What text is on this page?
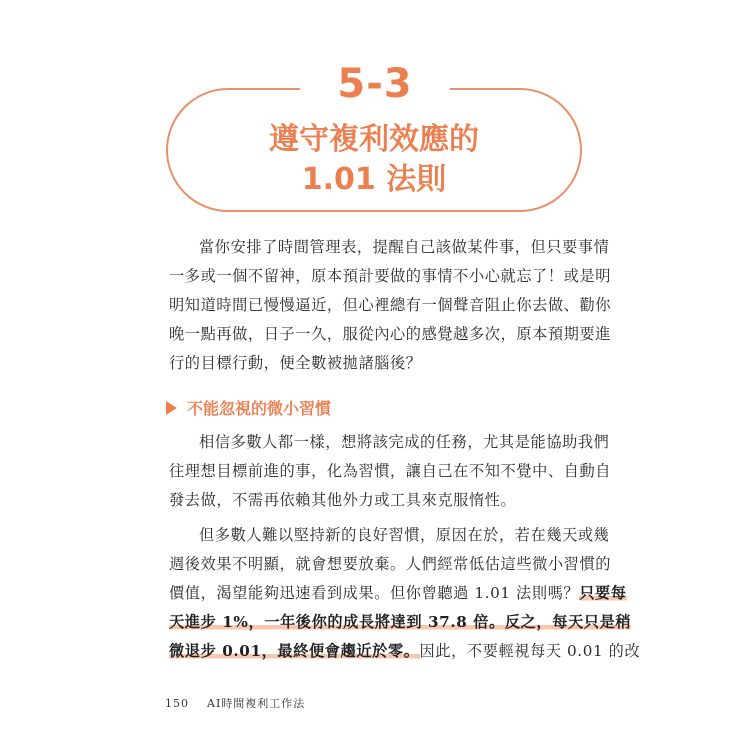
5-3
遵守複利效應的
1.01 法則
當你安排了時間管理表，提醒自己該做某件事，但只要事情
一多或一個不留神，原本預計要做的事情不小心就忘了！或是明
明知道時間已慢慢逼近，但心裡總有一個聲音阻止你去做、勸你
晚一點再做，日子一久，服從內心的感覺越多次，原本預期要進
行的目標行動，便全數被拋諸腦後？
不能忽視的微小習慣
相信多數人都一樣，想將該完成的任務，尤其是能協助我們
往理想目標前進的事，化為習慣，讓自己在不知不覺中、自動自
發去做，不需再依賴其他外力或工具來克服惰性。
但多數人難以堅持新的良好習慣，原因在於，若在幾天或幾
週後效果不明顯，就會想要放棄。人們經常低估這些微小習慣的
價值，渴望能夠迅速看到成果。但你曾聽過 1.01 法則嗎？只要每
天進步 1%，一年後你的成長將達到 37.8 倍。反之，每天只是稍
微退步 0.01，最終便會趨近於零。因此，不要輕視每天 0.01 的改
150 AI時間複利工作法
